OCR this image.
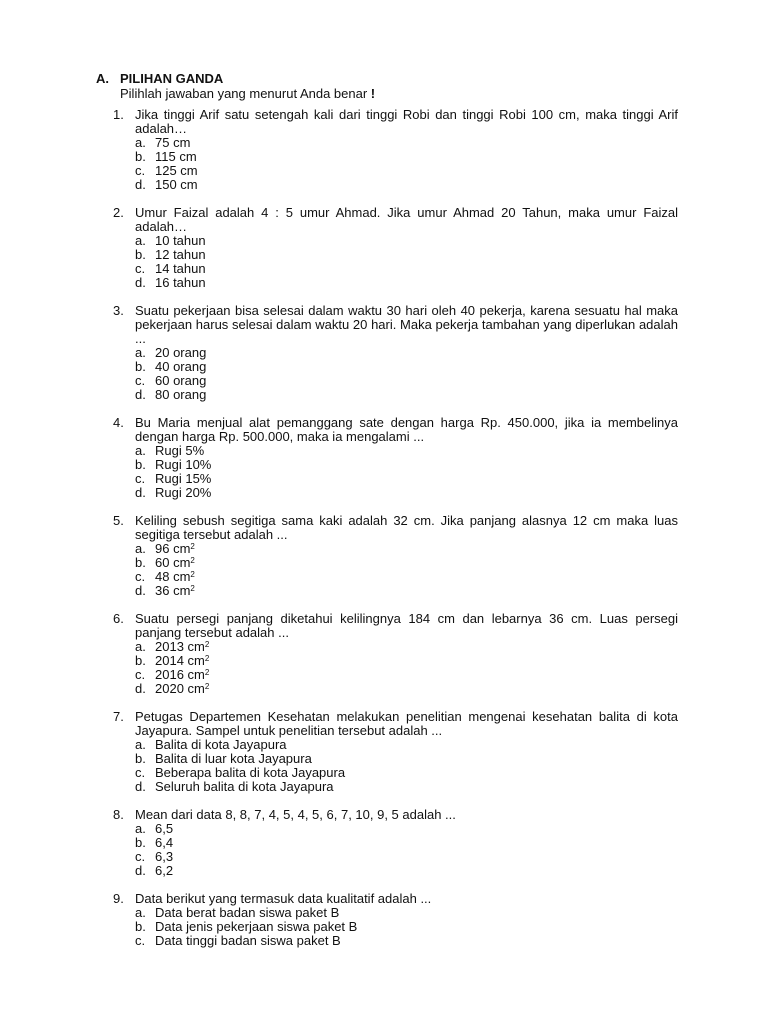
A. PILIHAN GANDA
Pilihlah jawaban yang menurut Anda benar !
1. Jika tinggi Arif satu setengah kali dari tinggi Robi dan tinggi Robi 100 cm, maka tinggi Arif adalah…
a. 75 cm
b. 115 cm
c. 125 cm
d. 150 cm
2. Umur Faizal adalah 4 : 5 umur Ahmad. Jika umur Ahmad 20 Tahun, maka umur Faizal adalah…
a. 10 tahun
b. 12 tahun
c. 14 tahun
d. 16 tahun
3. Suatu pekerjaan bisa selesai dalam waktu 30 hari oleh 40 pekerja, karena sesuatu hal maka pekerjaan harus selesai dalam waktu 20 hari. Maka pekerja tambahan yang diperlukan adalah ...
a. 20 orang
b. 40 orang
c. 60 orang
d. 80 orang
4. Bu Maria menjual alat pemanggang sate dengan harga Rp. 450.000, jika ia membelinya dengan harga Rp. 500.000, maka ia mengalami ...
a. Rugi 5%
b. Rugi 10%
c. Rugi 15%
d. Rugi 20%
5. Keliling sebush segitiga sama kaki adalah 32 cm. Jika panjang alasnya 12 cm maka luas segitiga tersebut adalah ...
a. 96 $cm^2$
b. 60 $cm^2$
c. 48 $cm^2$
d. 36 $cm^2$
6. Suatu persegi panjang diketahui kelilingnya 184 cm dan lebarnya 36 cm. Luas persegi panjang tersebut adalah ...
a. 2013 $cm^2$
b. 2014 $cm^2$
c. 2016 $cm^2$
d. 2020 $cm^2$
7. Petugas Departemen Kesehatan melakukan penelitian mengenai kesehatan balita di kota Jayapura. Sampel untuk penelitian tersebut adalah ...
a. Balita di kota Jayapura
b. Balita di luar kota Jayapura
c. Beberapa balita di kota Jayapura
d. Seluruh balita di kota Jayapura
8. Mean dari data 8, 8, 7, 4, 5, 4, 5, 6, 7, 10, 9, 5 adalah ...
a. 6,5
b. 6,4
c. 6,3
d. 6,2
9. Data berikut yang termasuk data kualitatif adalah ...
a. Data berat badan siswa paket B
b. Data jenis pekerjaan siswa paket B
c. Data tinggi badan siswa paket B
